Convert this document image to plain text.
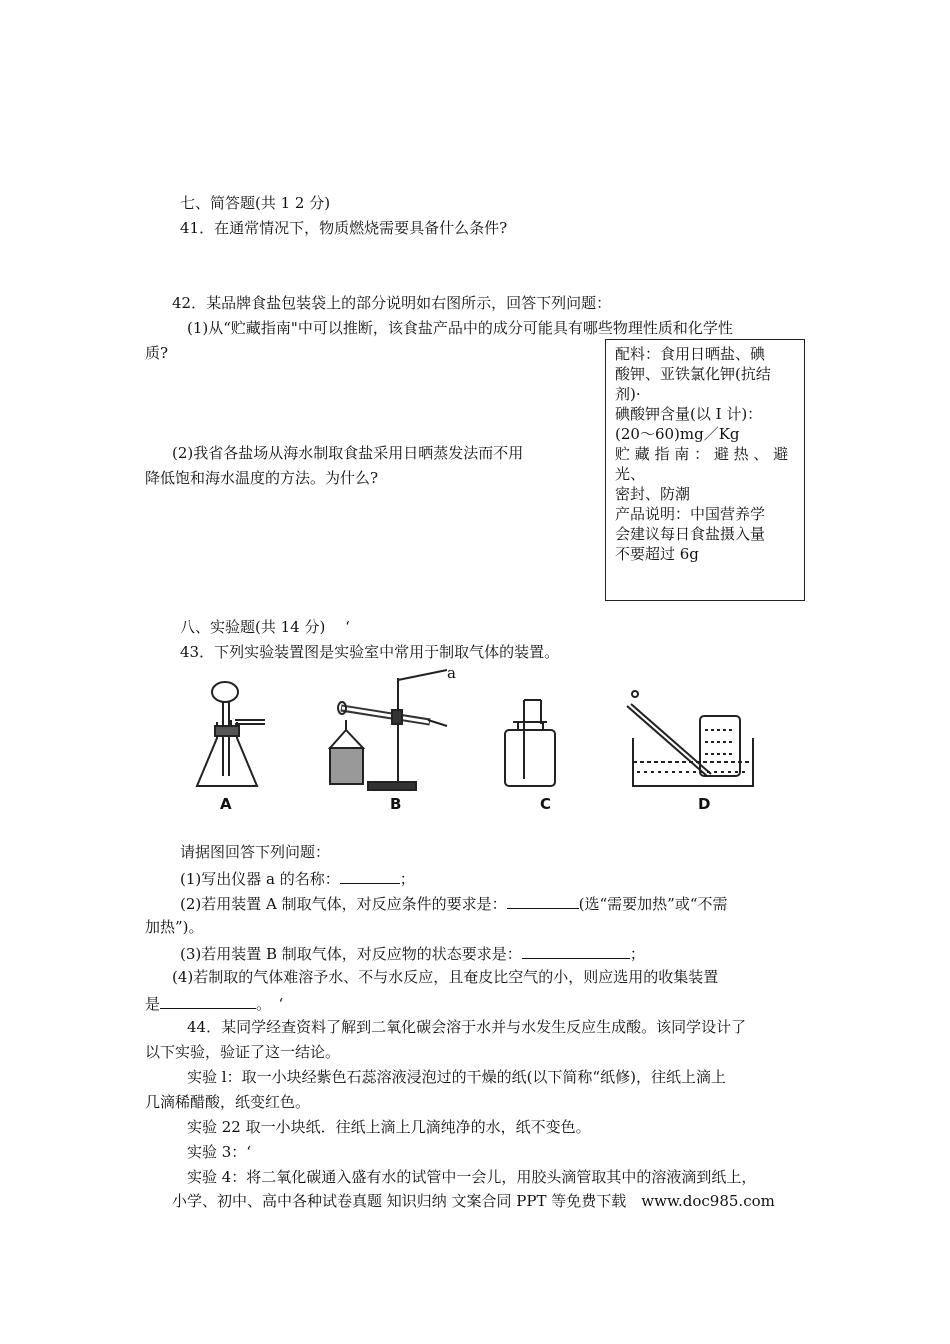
七、简答题(共 1 2 分)
41．在通常情况下，物质燃烧需要具备什么条件?
42．某品牌食盐包装袋上的部分说明如右图所示，回答下列问题：
(1)从“贮藏指南"中可以推断，该食盐产品中的成分可能具有哪些物理性质和化学性
质?
(2)我省各盐场从海水制取食盐采用日晒蒸发法而不用
降低饱和海水温度的方法。为什么?
配料：食用日晒盐、碘
酸钾、亚铁氯化钾(抗结
剂)·
碘酸钾含量(以 I 计)：
(20～60)mg／Kg
贮 藏 指 南 ： 避 热 、 避
光、
密封、防潮
产品说明：中国营养学
会建议每日食盐摄入量
不要超过 6g
八、实验题(共 14 分)　 ‘
43．下列实验装置图是实验室中常用于制取气体的装置。
A	B	C	D
a
请据图回答下列问题：
(1)写出仪器 a 的名称：	；
(2)若用装置 A 制取气体，对反应条件的要求是：	(选“需要加热”或“不需
加热”)。
(3)若用装置 B 制取气体，对反应物的状态要求是：	；
(4)若制取的气体难溶予水、不与水反应，且奄皮比空气的小，则应选用的收集装置
是	。　‘
44．某同学经查资料了解到二氧化碳会溶于水并与水发生反应生成酸。该同学设计了
以下实验，验证了这一结论。
实验 l：取一小块经紫色石蕊溶液浸泡过的干燥的纸(以下简称“纸修)，往纸上滴上
几滴稀醋酸，纸变红色。
实验 22 取一小块纸．往纸上滴上几滴纯净的水，纸不变色。
实验 3：‘
实验 4：将二氧化碳通入盛有水的试管中一会儿，用胶头滴管取其中的溶液滴到纸上，
小学、初中、高中各种试卷真题 知识归纳 文案合同 PPT 等免费下载　www.doc985.com
